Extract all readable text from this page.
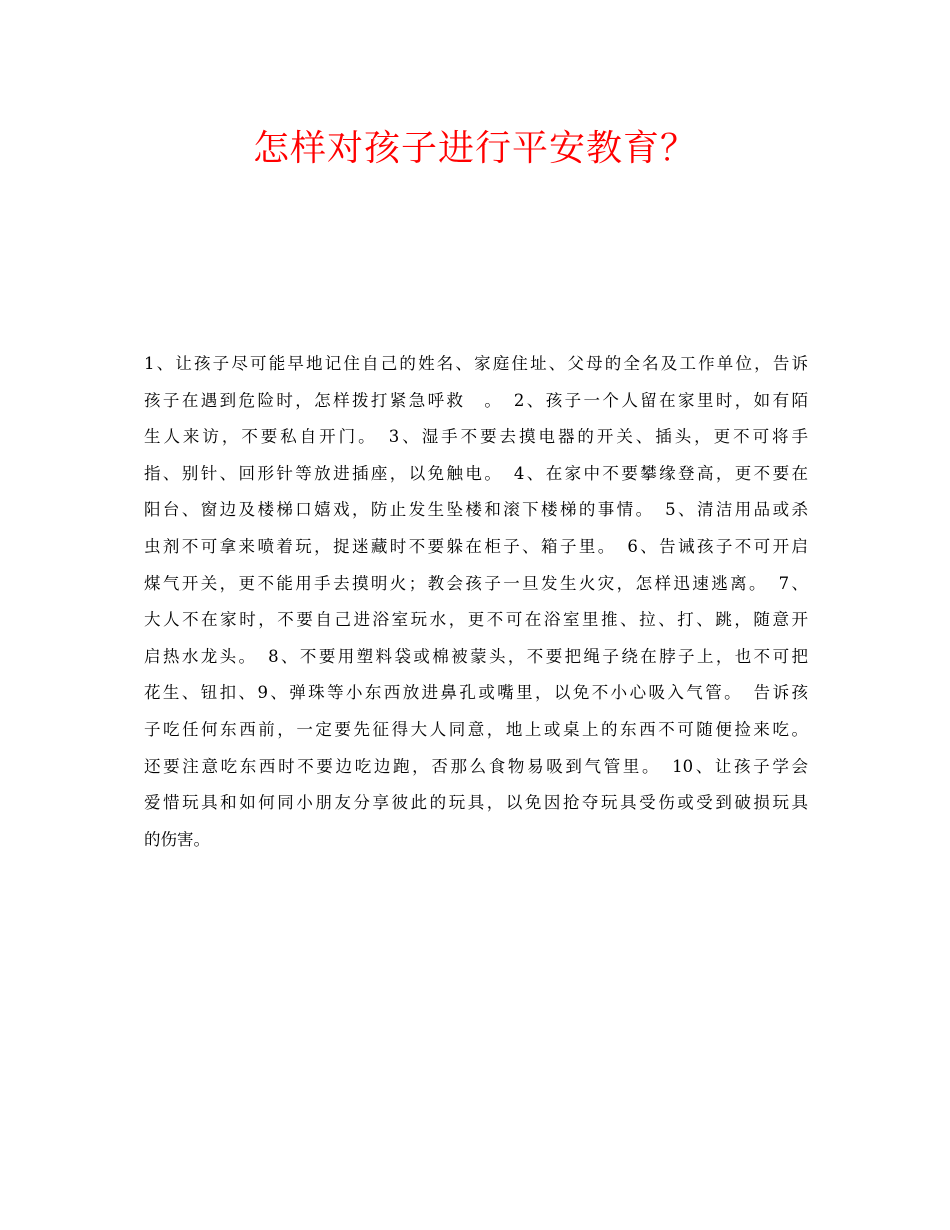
怎样对孩子进行平安教育？
1、让孩子尽可能早地记住自己的姓名、家庭住址、父母的全名及工作单位，告诉
孩子在遇到危险时，怎样拨打紧急呼救　。　2、孩子一个人留在家里时，如有陌
生人来访，不要私自开门。　3、湿手不要去摸电器的开关、插头，更不可将手
指、别针、回形针等放进插座，以免触电。　4、在家中不要攀缘登高，更不要在
阳台、窗边及楼梯口嬉戏，防止发生坠楼和滚下楼梯的事情。　5、清洁用品或杀
虫剂不可拿来喷着玩，捉迷藏时不要躲在柜子、箱子里。　6、告诫孩子不可开启
煤气开关，更不能用手去摸明火；教会孩子一旦发生火灾，怎样迅速逃离。　7、
大人不在家时，不要自己进浴室玩水，更不可在浴室里推、拉、打、跳，随意开
启热水龙头。　8、不要用塑料袋或棉被蒙头，不要把绳子绕在脖子上，也不可把
花生、钮扣、9、弹珠等小东西放进鼻孔或嘴里，以免不小心吸入气管。　告诉孩
子吃任何东西前，一定要先征得大人同意，地上或桌上的东西不可随便捡来吃。
还要注意吃东西时不要边吃边跑，否那么食物易吸到气管里。　10、让孩子学会
爱惜玩具和如何同小朋友分享彼此的玩具，以免因抢夺玩具受伤或受到破损玩具
的伤害。
